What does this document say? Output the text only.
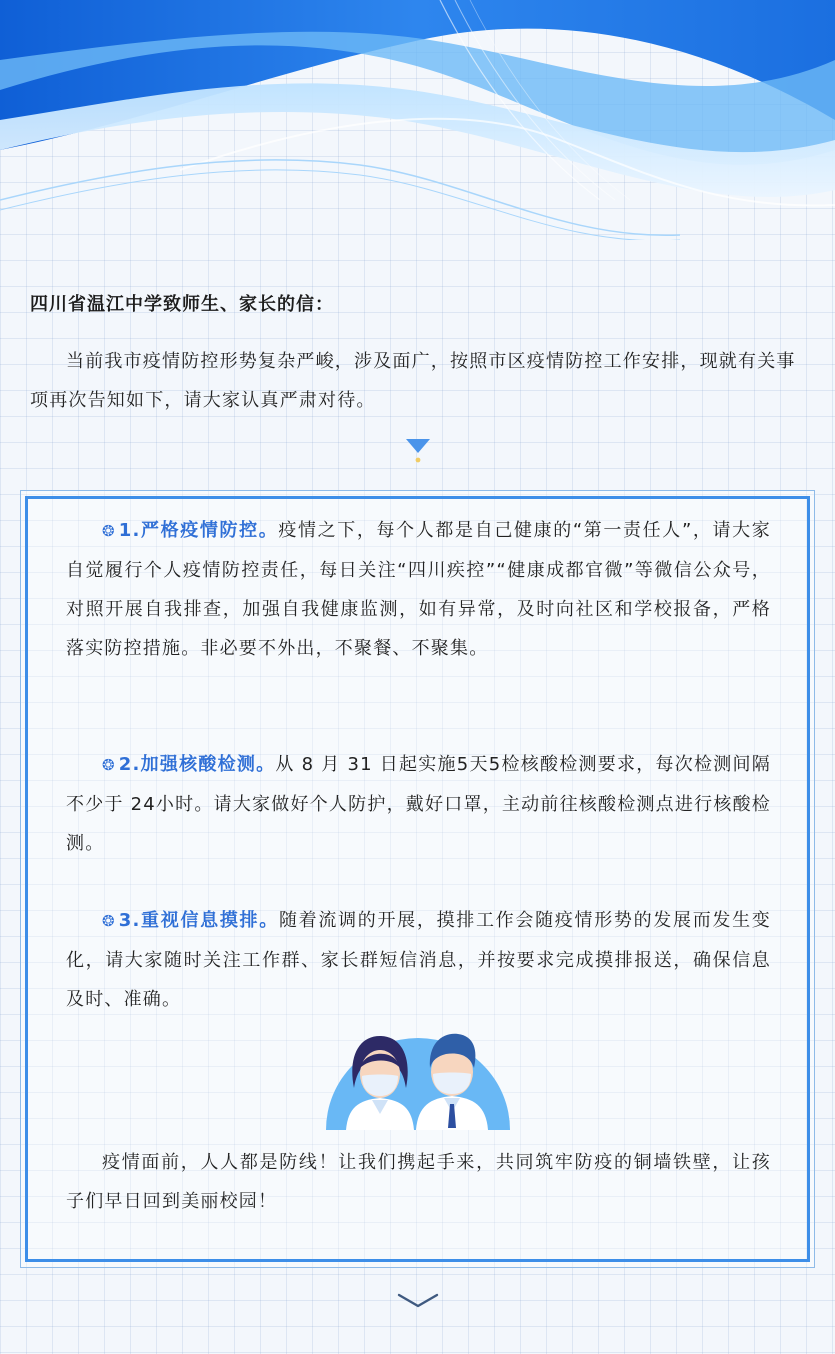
四川省温江中学致师生、家长的信：

当前我市疫情防控形势复杂严峻，涉及面广，按照市区疫情防控工作安排，现就有关事项再次告知如下，请大家认真严肃对待。

❂ 1.严格疫情防控。疫情之下，每个人都是自己健康的“第一责任人”，请大家自觉履行个人疫情防控责任，每日关注“四川疾控”“健康成都官微”等微信公众号，对照开展自我排查，加强自我健康监测，如有异常，及时向社区和学校报备，严格落实防控措施。非必要不外出，不聚餐、不聚集。

❂ 2.加强核酸检测。从 8 月 31 日起实施5天5检核酸检测要求，每次检测间隔不少于 24小时。请大家做好个人防护，戴好口罩，主动前往核酸检测点进行核酸检测。

❂ 3.重视信息摸排。随着流调的开展，摸排工作会随疫情形势的发展而发生变化，请大家随时关注工作群、家长群短信消息，并按要求完成摸排报送，确保信息及时、准确。

疫情面前，人人都是防线！让我们携起手来，共同筑牢防疫的铜墙铁壁，让孩子们早日回到美丽校园！
